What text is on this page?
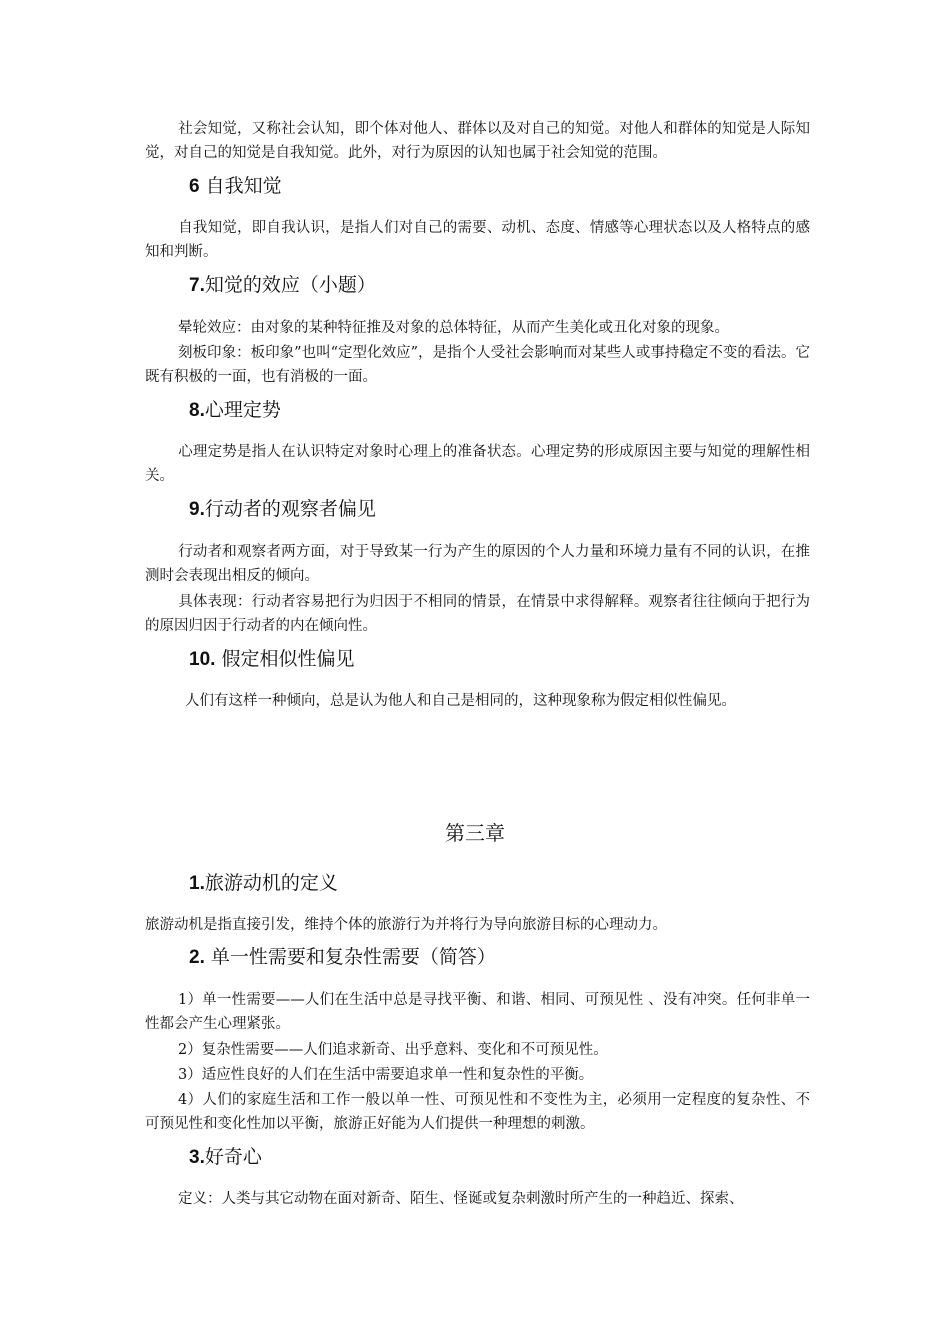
社会知觉，又称社会认知，即个体对他人、群体以及对自己的知觉。对他人和群体的知觉是人际知觉，对自己的知觉是自我知觉。此外，对行为原因的认知也属于社会知觉的范围。

6 自我知觉

自我知觉，即自我认识，是指人们对自己的需要、动机、态度、情感等心理状态以及人格特点的感知和判断。

7.知觉的效应（小题）

晕轮效应：由对象的某种特征推及对象的总体特征，从而产生美化或丑化对象的现象。

刻板印象：板印象”也叫“定型化效应”，是指个人受社会影响而对某些人或事持稳定不变的看法。它既有积极的一面，也有消极的一面。

8.心理定势

心理定势是指人在认识特定对象时心理上的准备状态。心理定势的形成原因主要与知觉的理解性相关。

9.行动者的观察者偏见

行动者和观察者两方面，对于导致某一行为产生的原因的个人力量和环境力量有不同的认识，在推测时会表现出相反的倾向。

具体表现：行动者容易把行为归因于不相同的情景，在情景中求得解释。观察者往往倾向于把行为的原因归因于行动者的内在倾向性。

10. 假定相似性偏见

人们有这样一种倾向，总是认为他人和自己是相同的，这种现象称为假定相似性偏见。

第三章
1.旅游动机的定义

旅游动机是指直接引发，维持个体的旅游行为并将行为导向旅游目标的心理动力。

2. 单一性需要和复杂性需要（简答）

1）单一性需要——人们在生活中总是寻找平衡、和谐、相同、可预见性 、没有冲突。任何非单一性都会产生心理紧张。

2）复杂性需要——人们追求新奇、出乎意料、变化和不可预见性。

3）适应性良好的人们在生活中需要追求单一性和复杂性的平衡。

4）人们的家庭生活和工作一般以单一性、可预见性和不变性为主，必须用一定程度的复杂性、不可预见性和变化性加以平衡，旅游正好能为人们提供一种理想的刺激。

3.好奇心

定义：人类与其它动物在面对新奇、陌生、怪诞或复杂刺激时所产生的一种趋近、探索、
